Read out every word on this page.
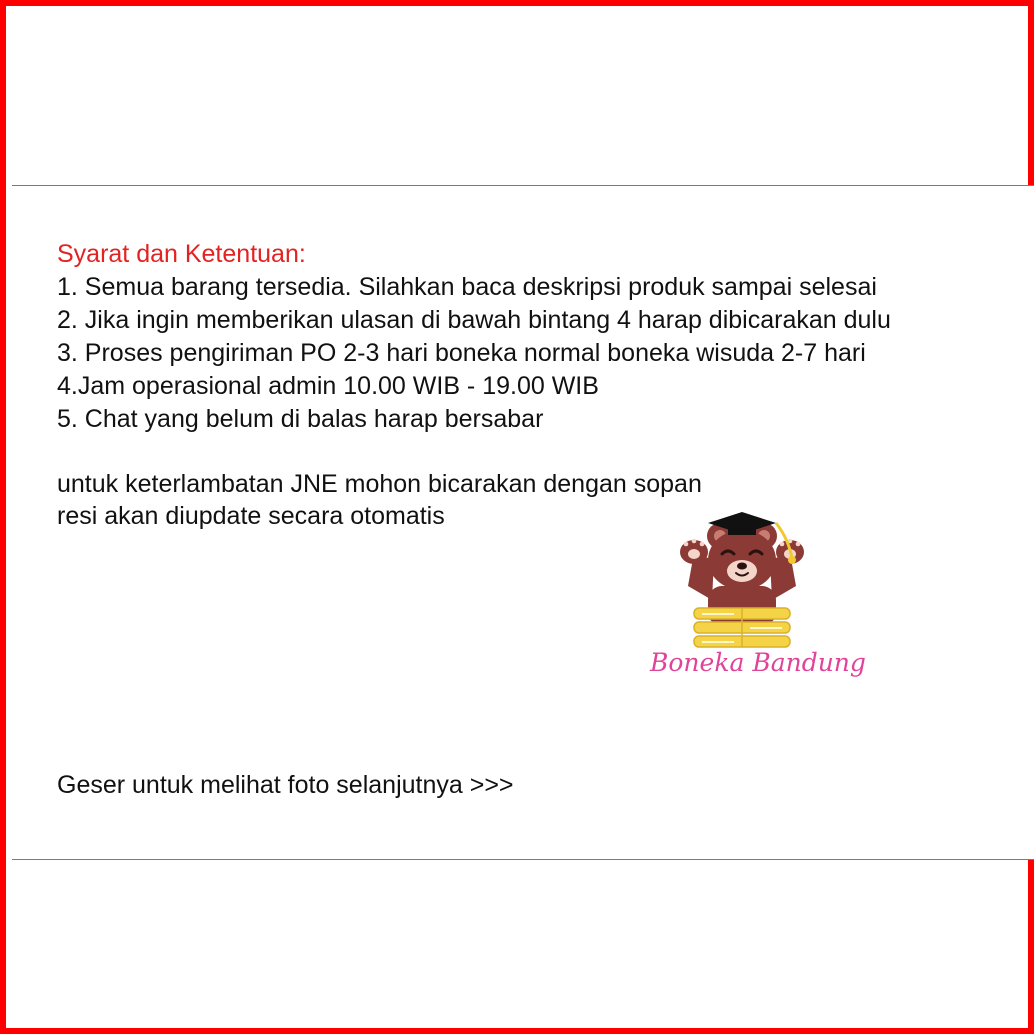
Syarat dan Ketentuan:
1. Semua barang tersedia. Silahkan baca deskripsi produk sampai selesai
2. Jika ingin memberikan ulasan di bawah bintang 4 harap dibicarakan dulu
3. Proses pengiriman PO 2-3 hari boneka normal boneka wisuda 2-7 hari
4.Jam operasional admin 10.00 WIB - 19.00 WIB
5. Chat yang belum di balas harap bersabar
untuk keterlambatan JNE mohon bicarakan dengan sopan
resi akan diupdate secara otomatis
Boneka Bandung
Geser untuk melihat foto selanjutnya >>>
